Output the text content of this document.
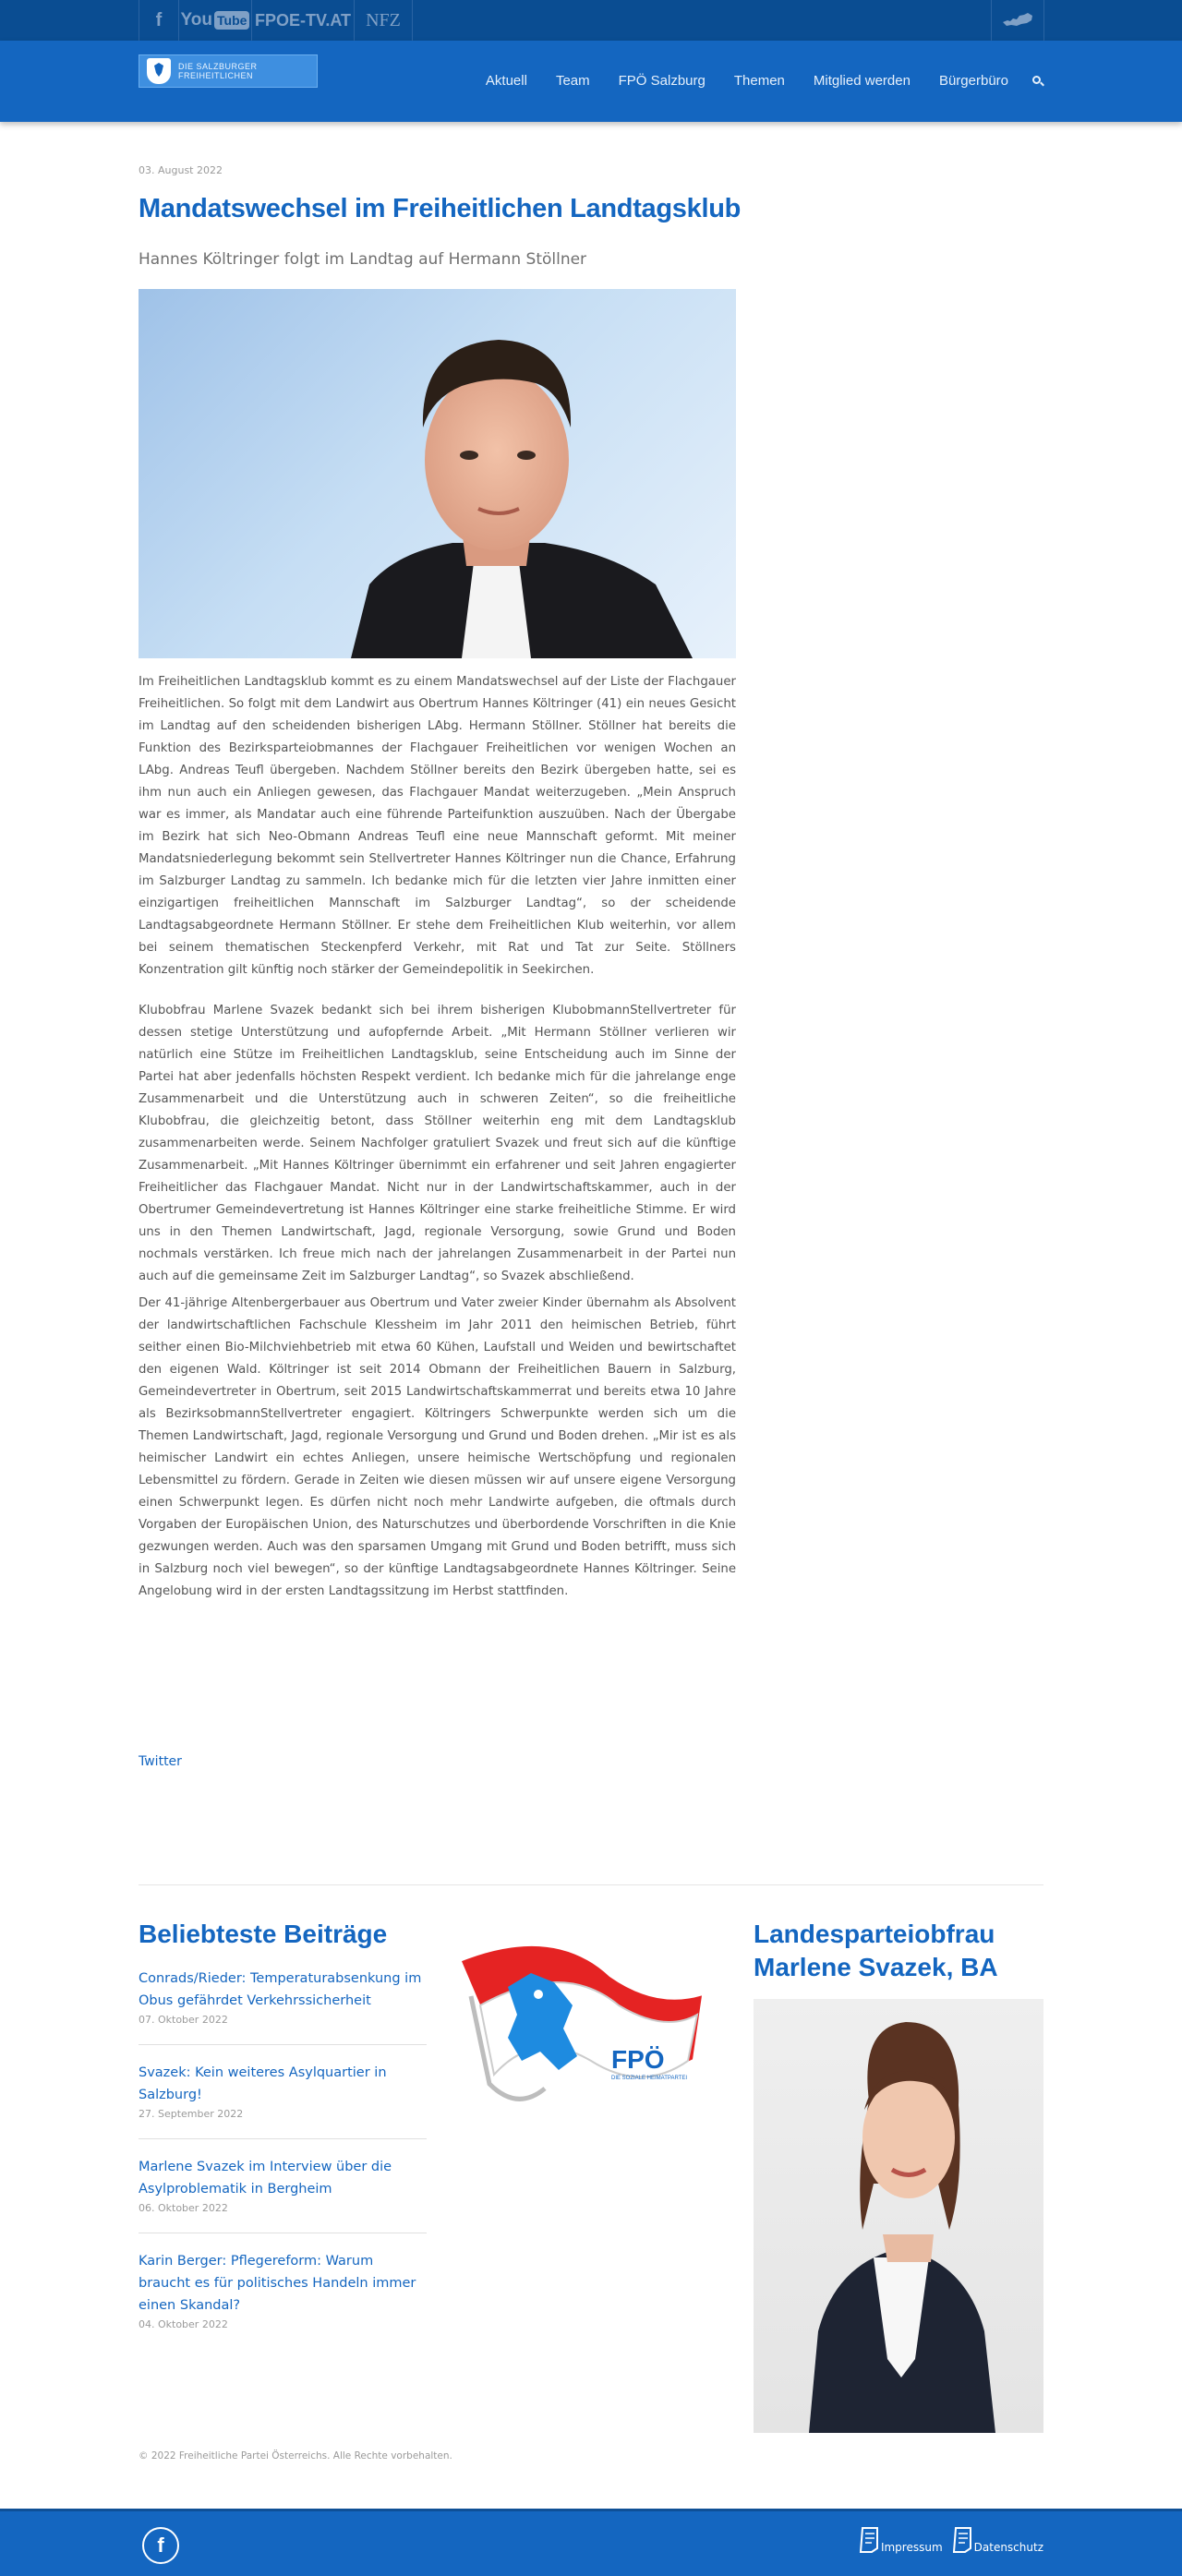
f	You Tube FPOE-TV.AT NFZ
DIE SALZBURGER
FREIHEITLICHEN	Aktuell Team FPÖ Salzburg Themen Mitglied werden Bürgerbüro
03. August 2022
Mandatswechsel im Freiheitlichen Landtagsklub
Hannes Költringer folgt im Landtag auf Hermann Stöllner

Im Freiheitlichen Landtagsklub kommt es zu einem Mandatswechsel auf der Liste der Flachgauer Freiheitlichen. So folgt mit dem Landwirt aus Obertrum Hannes Költringer (41) ein neues Gesicht im Landtag auf den scheidenden bisherigen LAbg. Hermann Stöllner. Stöllner hat bereits die Funktion des Bezirksparteiobmannes der Flachgauer Freiheitlichen vor wenigen Wochen an LAbg. Andreas Teufl übergeben. Nachdem Stöllner bereits den Bezirk übergeben hatte, sei es ihm nun auch ein Anliegen gewesen, das Flachgauer Mandat weiterzugeben. „Mein Anspruch war es immer, als Mandatar auch eine führende Parteifunktion auszuüben. Nach der Übergabe im Bezirk hat sich Neo-Obmann Andreas Teufl eine neue Mannschaft geformt. Mit meiner Mandatsniederlegung bekommt sein Stellvertreter Hannes Költringer nun die Chance, Erfahrung im Salzburger Landtag zu sammeln. Ich bedanke mich für die letzten vier Jahre inmitten einer einzigartigen freiheitlichen Mannschaft im Salzburger Landtag“, so der scheidende Landtagsabgeordnete Hermann Stöllner. Er stehe dem Freiheitlichen Klub weiterhin, vor allem bei seinem thematischen Steckenpferd Verkehr, mit Rat und Tat zur Seite. Stöllners Konzentration gilt künftig noch stärker der Gemeindepolitik in Seekirchen.

Klubobfrau Marlene Svazek bedankt sich bei ihrem bisherigen KlubobmannStellvertreter für dessen stetige Unterstützung und aufopfernde Arbeit. „Mit Hermann Stöllner verlieren wir natürlich eine Stütze im Freiheitlichen Landtagsklub, seine Entscheidung auch im Sinne der Partei hat aber jedenfalls höchsten Respekt verdient. Ich bedanke mich für die jahrelange enge Zusammenarbeit und die Unterstützung auch in schweren Zeiten“, so die freiheitliche Klubobfrau, die gleichzeitig betont, dass Stöllner weiterhin eng mit dem Landtagsklub zusammenarbeiten werde. Seinem Nachfolger gratuliert Svazek und freut sich auf die künftige Zusammenarbeit. „Mit Hannes Költringer übernimmt ein erfahrener und seit Jahren engagierter Freiheitlicher das Flachgauer Mandat. Nicht nur in der Landwirtschaftskammer, auch in der Obertrumer Gemeindevertretung ist Hannes Költringer eine starke freiheitliche Stimme. Er wird uns in den Themen Landwirtschaft, Jagd, regionale Versorgung, sowie Grund und Boden nochmals verstärken. Ich freue mich nach der jahrelangen Zusammenarbeit in der Partei nun auch auf die gemeinsame Zeit im Salzburger Landtag“, so Svazek abschließend.

Der 41-jährige Altenbergerbauer aus Obertrum und Vater zweier Kinder übernahm als Absolvent der landwirtschaftlichen Fachschule Klessheim im Jahr 2011 den heimischen Betrieb, führt seither einen Bio-Milchviehbetrieb mit etwa 60 Kühen, Laufstall und Weiden und bewirtschaftet den eigenen Wald. Költringer ist seit 2014 Obmann der Freiheitlichen Bauern in Salzburg, Gemeindevertreter in Obertrum, seit 2015 Landwirtschaftskammerrat und bereits etwa 10 Jahre als BezirksobmannStellvertreter engagiert. Költringers Schwerpunkte werden sich um die Themen Landwirtschaft, Jagd, regionale Versorgung und Grund und Boden drehen. „Mir ist es als heimischer Landwirt ein echtes Anliegen, unsere heimische Wertschöpfung und regionalen Lebensmittel zu fördern. Gerade in Zeiten wie diesen müssen wir auf unsere eigene Versorgung einen Schwerpunkt legen. Es dürfen nicht noch mehr Landwirte aufgeben, die oftmals durch Vorgaben der Europäischen Union, des Naturschutzes und überbordende Vorschriften in die Knie gezwungen werden. Auch was den sparsamen Umgang mit Grund und Boden betrifft, muss sich in Salzburg noch viel bewegen“, so der künftige Landtagsabgeordnete Hannes Költringer. Seine Angelobung wird in der ersten Landtagssitzung im Herbst stattfinden.

Twitter
Beliebteste Beiträge
Conrads/Rieder: Temperaturabsenkung im Obus gefährdet Verkehrssicherheit
07. Oktober 2022
Svazek: Kein weiteres Asylquartier in Salzburg!
27. September 2022
Marlene Svazek im Interview über die Asylproblematik in Bergheim
06. Oktober 2022
Karin Berger: Pflegereform: Warum braucht es für politisches Handeln immer einen Skandal?
04. Oktober 2022
FPÖ
DIE SOZIALE HEIMATPARTEI
Landesparteiobfrau Marlene Svazek, BA
© 2022 Freiheitliche Partei Österreichs. Alle Rechte vorbehalten.
f	Impressum	Datenschutz
